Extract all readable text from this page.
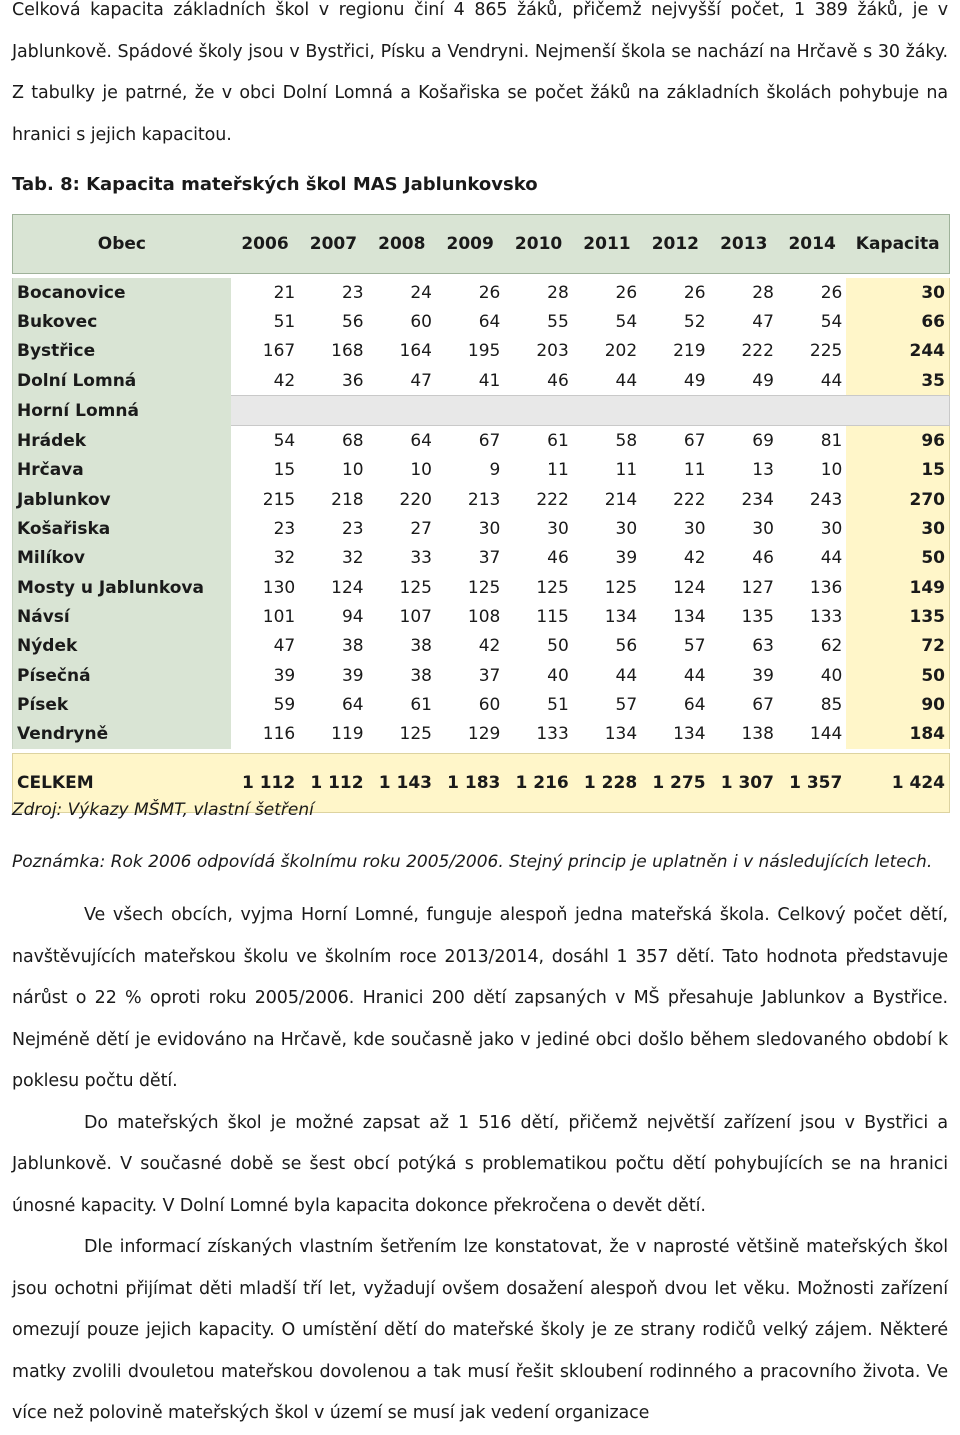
Celková kapacita základních škol v regionu činí 4 865 žáků, přičemž nejvyšší počet, 1 389 žáků, je v Jablunkově. Spádové školy jsou v Bystřici, Písku a Vendryni. Nejmenší škola se nachází na Hrčavě s 30 žáky. Z tabulky je patrné, že v obci Dolní Lomná a Košařiska se počet žáků na základních školách pohybuje na hranici s jejich kapacitou.

Tab. 8: Kapacita mateřských škol MAS Jablunkovsko
Obec	2006	2007	2008	2009	2010	2011	2012	2013	2014	Kapacita

Bocanovice	21	23	24	26	28	26	26	28	26	30
Bukovec	51	56	60	64	55	54	52	47	54	66
Bystřice	167	168	164	195	203	202	219	222	225	244
Dolní Lomná	42	36	47	41	46	44	49	49	44	35
Horní Lomná										
Hrádek	54	68	64	67	61	58	67	69	81	96
Hrčava	15	10	10	9	11	11	11	13	10	15
Jablunkov	215	218	220	213	222	214	222	234	243	270
Košařiska	23	23	27	30	30	30	30	30	30	30
Milíkov	32	32	33	37	46	39	42	46	44	50
Mosty u Jablunkova	130	124	125	125	125	125	124	127	136	149
Návsí	101	94	107	108	115	134	134	135	133	135
Nýdek	47	38	38	42	50	56	57	63	62	72
Písečná	39	39	38	37	40	44	44	39	40	50
Písek	59	64	61	60	51	57	64	67	85	90
Vendryně	116	119	125	129	133	134	134	138	144	184

CELKEM	1 112	1 112	1 143	1 183	1 216	1 228	1 275	1 307	1 357	1 424
Zdroj: Výkazy MŠMT, vlastní šetření
Poznámka: Rok 2006 odpovídá školnímu roku 2005/2006. Stejný princip je uplatněn i v následujících letech.

Ve všech obcích, vyjma Horní Lomné, funguje alespoň jedna mateřská škola. Celkový počet dětí, navštěvujících mateřskou školu ve školním roce 2013/2014, dosáhl 1 357 dětí. Tato hodnota představuje nárůst o 22 % oproti roku 2005/2006. Hranici 200 dětí zapsaných v MŠ přesahuje Jablunkov a Bystřice. Nejméně dětí je evidováno na Hrčavě, kde současně jako v jediné obci došlo během sledovaného období k poklesu počtu dětí.

Do mateřských škol je možné zapsat až 1 516 dětí, přičemž největší zařízení jsou v Bystřici a Jablunkově. V současné době se šest obcí potýká s problematikou počtu dětí pohybujících se na hranici únosné kapacity. V Dolní Lomné byla kapacita dokonce překročena o devět dětí.

Dle informací získaných vlastním šetřením lze konstatovat, že v naprosté většině mateřských škol jsou ochotni přijímat děti mladší tří let, vyžadují ovšem dosažení alespoň dvou let věku. Možnosti zařízení omezují pouze jejich kapacity. O umístění dětí do mateřské školy je ze strany rodičů velký zájem. Některé matky zvolili dvouletou mateřskou dovolenou a tak musí řešit skloubení rodinného a pracovního života. Ve více než polovině mateřských škol v území se musí jak vedení organizace
